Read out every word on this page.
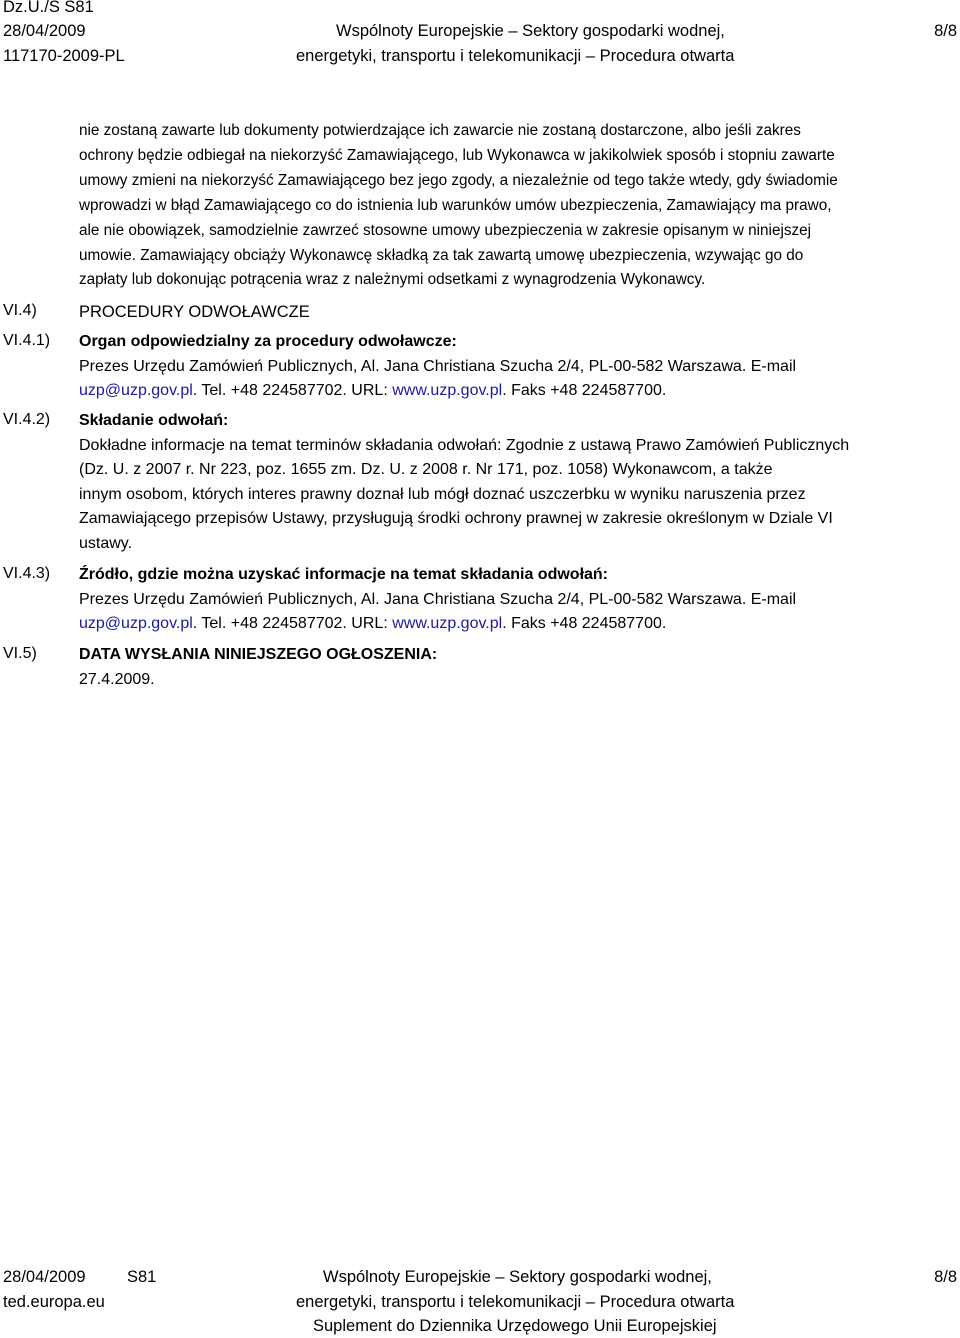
Dz.U./S S81
28/04/2009
117170-2009-PL
Wspólnoty Europejskie – Sektory gospodarki wodnej,
energetyki, transportu i telekomunikacji – Procedura otwarta
8/8
nie zostaną zawarte lub dokumenty potwierdzające ich zawarcie nie zostaną dostarczone, albo jeśli zakres
ochrony będzie odbiegał na niekorzyść Zamawiającego, lub Wykonawca w jakikolwiek sposób i stopniu zawarte
umowy zmieni na niekorzyść Zamawiającego bez jego zgody, a niezależnie od tego także wtedy, gdy świadomie
wprowadzi w błąd Zamawiającego co do istnienia lub warunków umów ubezpieczenia, Zamawiający ma prawo,
ale nie obowiązek, samodzielnie zawrzeć stosowne umowy ubezpieczenia w zakresie opisanym w niniejszej
umowie. Zamawiający obciąży Wykonawcę składką za tak zawartą umowę ubezpieczenia, wzywając go do
zapłaty lub dokonując potrącenia wraz z należnymi odsetkami z wynagrodzenia Wykonawcy.
VI.4)	PROCEDURY ODWOŁAWCZE
VI.4.1) Organ odpowiedzialny za procedury odwoławcze:
Prezes Urzędu Zamówień Publicznych, Al. Jana Christiana Szucha 2/4, PL-00-582 Warszawa. E-mail
uzp@uzp.gov.pl. Tel. +48 224587702. URL: www.uzp.gov.pl. Faks +48 224587700.
VI.4.2) Składanie odwołań:
Dokładne informacje na temat terminów składania odwołań: Zgodnie z ustawą Prawo Zamówień Publicznych
(Dz. U. z 2007 r. Nr 223, poz. 1655 zm. Dz. U. z 2008 r. Nr 171, poz. 1058) Wykonawcom, a także
innym osobom, których interes prawny doznał lub mógł doznać uszczerbku w wyniku naruszenia przez
Zamawiającego przepisów Ustawy, przysługują środki ochrony prawnej w zakresie określonym w Dziale VI
ustawy.
VI.4.3) Źródło, gdzie można uzyskać informacje na temat składania odwołań:
Prezes Urzędu Zamówień Publicznych, Al. Jana Christiana Szucha 2/4, PL-00-582 Warszawa. E-mail
uzp@uzp.gov.pl. Tel. +48 224587702. URL: www.uzp.gov.pl. Faks +48 224587700.
VI.5)	DATA WYSŁANIA NINIEJSZEGO OGŁOSZENIA:
27.4.2009.
28/04/2009	S81
ted.europa.eu
Wspólnoty Europejskie – Sektory gospodarki wodnej,
energetyki, transportu i telekomunikacji – Procedura otwarta
Suplement do Dziennika Urzędowego Unii Europejskiej
8/8
